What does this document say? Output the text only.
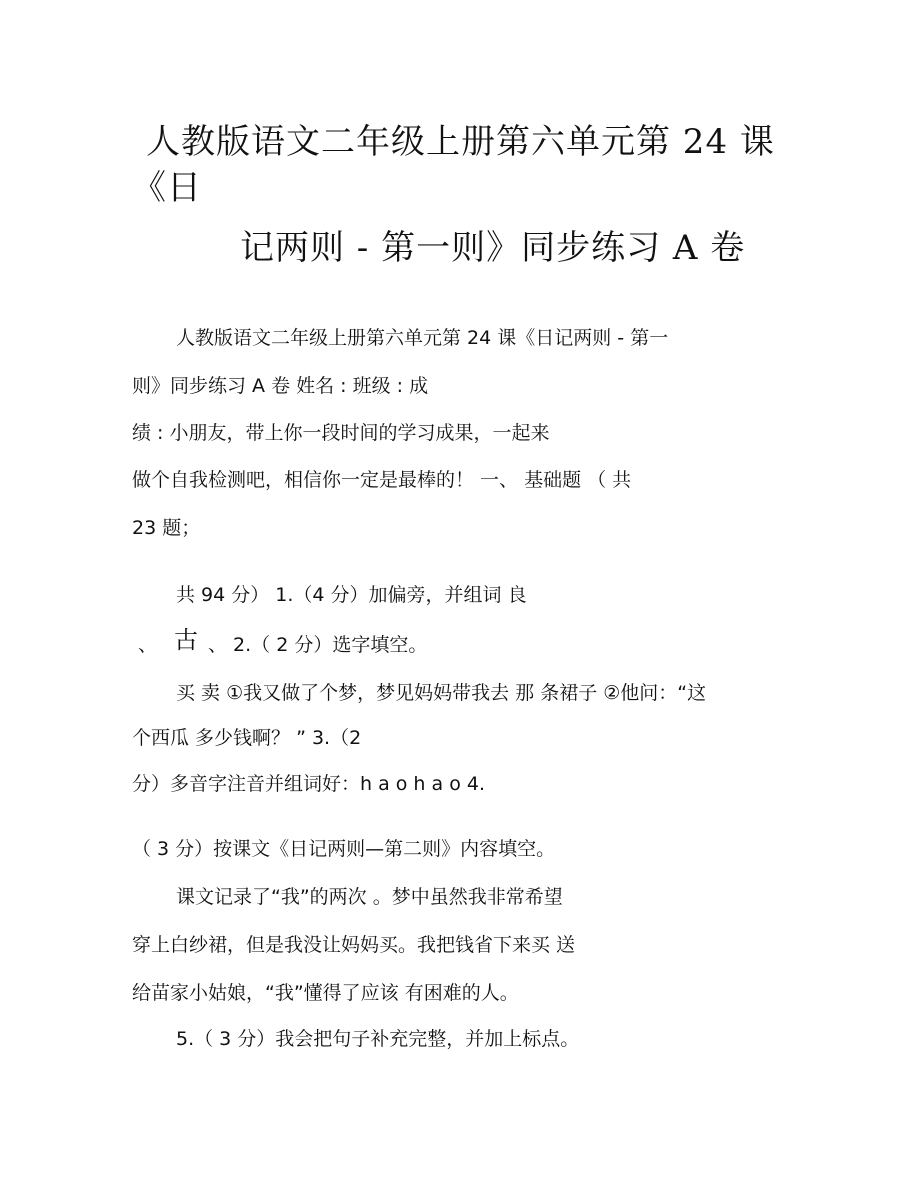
人教版语文二年级上册第六单元第 24 课
《日
记两则 - 第一则》同步练习 A 卷
人教版语文二年级上册第六单元第 24 课《日记两则 - 第一
则》同步练习 A 卷 姓名 : 班级 : 成
绩 : 小朋友，带上你一段时间的学习成果，一起来
做个自我检测吧，相信你一定是最棒的！ 一、 基础题 （ 共
23 题；
共 94 分） 1.（4 分）加偏旁，并组词 良
、 古 、 2.（ 2 分）选字填空。
买 卖 ①我又做了个梦，梦见妈妈带我去 那 条裙子 ②他问：“这
个西瓜 多少钱啊？ ” 3.（2
分）多音字注音并组词好：h a o h a o 4.
（ 3 分）按课文《日记两则—第二则》内容填空。
课文记录了“我”的两次 。梦中虽然我非常希望
穿上白纱裙，但是我没让妈妈买。我把钱省下来买 送
给苗家小姑娘，“我”懂得了应该 有困难的人。
5.（ 3 分）我会把句子补充完整，并加上标点。
